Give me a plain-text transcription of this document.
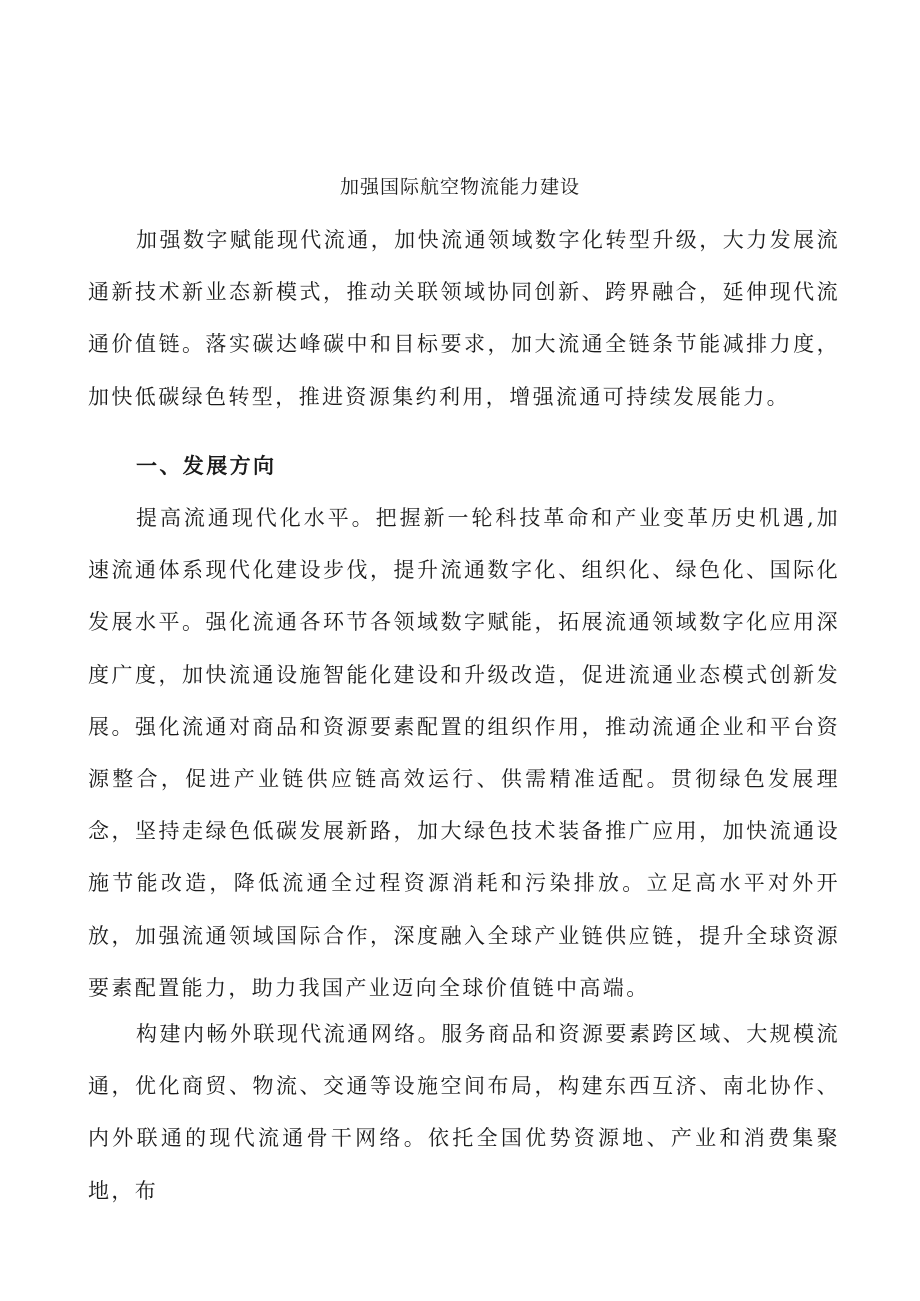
加强国际航空物流能力建设

加强数字赋能现代流通，加快流通领域数字化转型升级，大力发展流通新技术新业态新模式，推动关联领域协同创新、跨界融合，延伸现代流通价值链。落实碳达峰碳中和目标要求，加大流通全链条节能减排力度，加快低碳绿色转型，推进资源集约利用，增强流通可持续发展能力。

一、发展方向

提高流通现代化水平。把握新一轮科技革命和产业变革历史机遇,加速流通体系现代化建设步伐，提升流通数字化、组织化、绿色化、国际化发展水平。强化流通各环节各领域数字赋能，拓展流通领域数字化应用深度广度，加快流通设施智能化建设和升级改造，促进流通业态模式创新发展。强化流通对商品和资源要素配置的组织作用，推动流通企业和平台资源整合，促进产业链供应链高效运行、供需精准适配。贯彻绿色发展理念，坚持走绿色低碳发展新路，加大绿色技术装备推广应用，加快流通设施节能改造，降低流通全过程资源消耗和污染排放。立足高水平对外开放，加强流通领域国际合作，深度融入全球产业链供应链，提升全球资源要素配置能力，助力我国产业迈向全球价值链中高端。

构建内畅外联现代流通网络。服务商品和资源要素跨区域、大规模流通，优化商贸、物流、交通等设施空间布局，构建东西互济、南北协作、内外联通的现代流通骨干网络。依托全国优势资源地、产业和消费集聚地，布
